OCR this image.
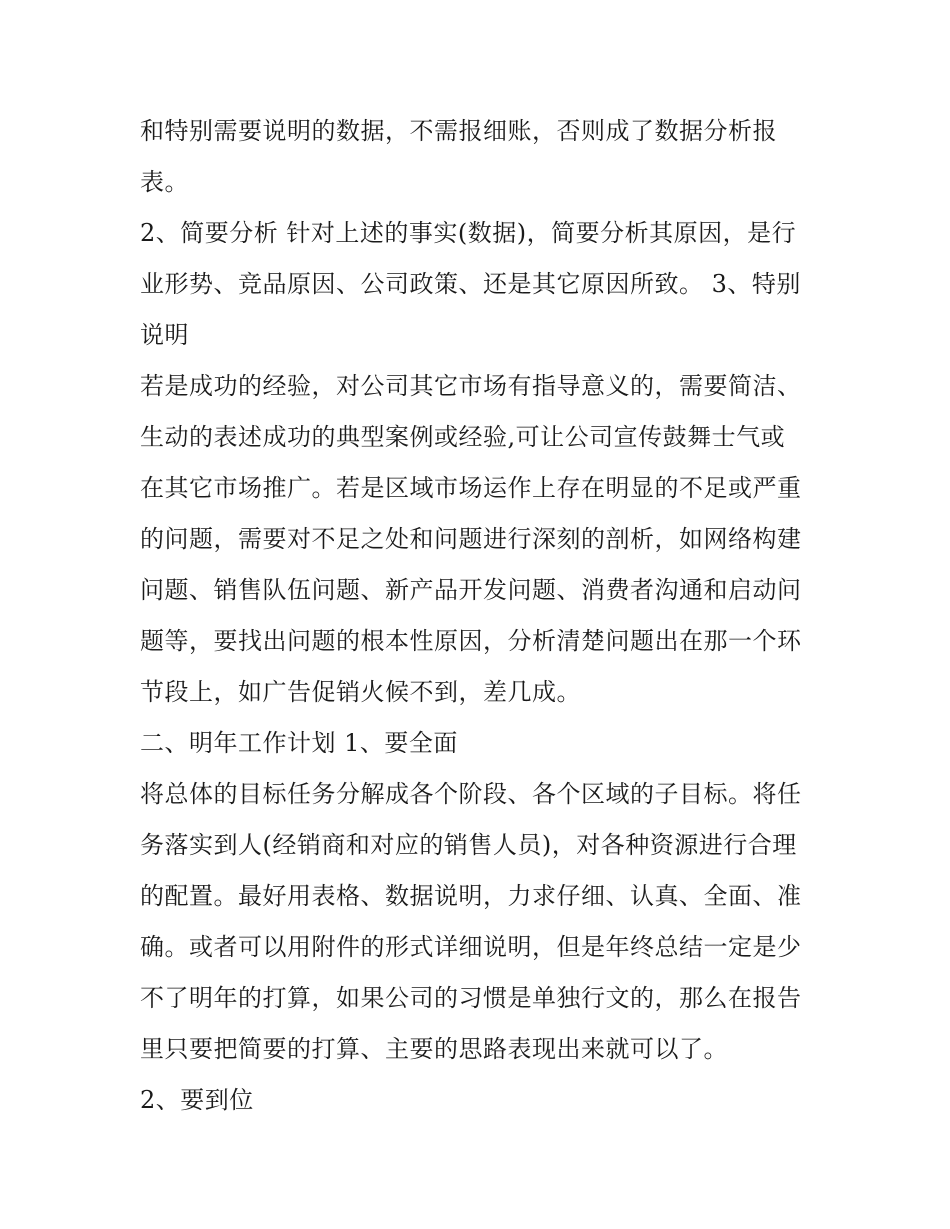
和特别需要说明的数据，不需报细账，否则成了数据分析报
表。
2、简要分析 针对上述的事实(数据)，简要分析其原因，是行
业形势、竞品原因、公司政策、还是其它原因所致。 3、特别
说明
若是成功的经验，对公司其它市场有指导意义的，需要简洁、
生动的表述成功的典型案例或经验,可让公司宣传鼓舞士气或
在其它市场推广。若是区域市场运作上存在明显的不足或严重
的问题，需要对不足之处和问题进行深刻的剖析，如网络构建
问题、销售队伍问题、新产品开发问题、消费者沟通和启动问
题等，要找出问题的根本性原因，分析清楚问题出在那一个环
节段上，如广告促销火候不到，差几成。
二、明年工作计划 1、要全面
将总体的目标任务分解成各个阶段、各个区域的子目标。将任
务落实到人(经销商和对应的销售人员)，对各种资源进行合理
的配置。最好用表格、数据说明，力求仔细、认真、全面、准
确。或者可以用附件的形式详细说明，但是年终总结一定是少
不了明年的打算，如果公司的习惯是单独行文的，那么在报告
里只要把简要的打算、主要的思路表现出来就可以了。
2、要到位
